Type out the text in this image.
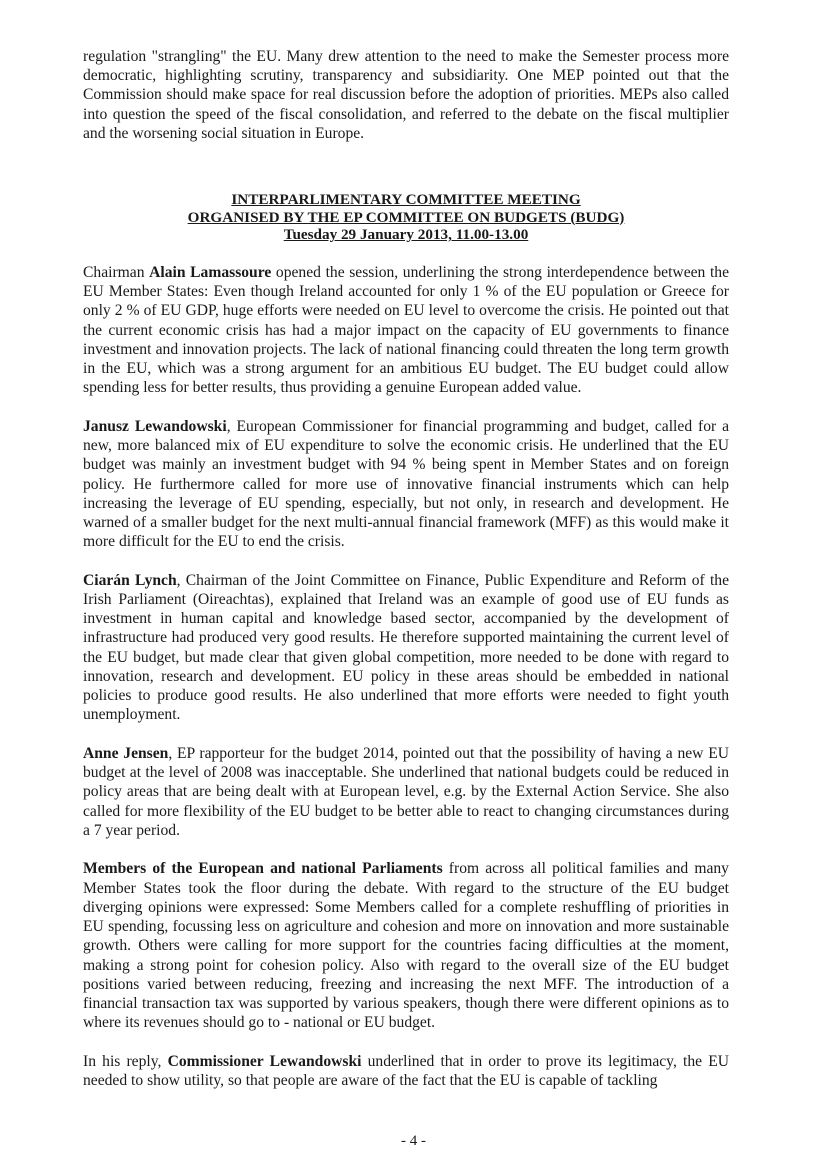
regulation "strangling" the EU. Many drew attention to the need to make the Semester process more democratic, highlighting scrutiny, transparency and subsidiarity. One MEP pointed out that the Commission should make space for real discussion before the adoption of priorities. MEPs also called into question the speed of the fiscal consolidation, and referred to the debate on the fiscal multiplier and the worsening social situation in Europe.

INTERPARLIMENTARY COMMITTEE MEETING
ORGANISED BY THE EP COMMITTEE ON BUDGETS (BUDG)
Tuesday 29 January 2013, 11.00-13.00

Chairman Alain Lamassoure opened the session, underlining the strong interdependence between the EU Member States: Even though Ireland accounted for only 1 % of the EU population or Greece for only 2 % of EU GDP, huge efforts were needed on EU level to overcome the crisis. He pointed out that the current economic crisis has had a major impact on the capacity of EU governments to finance investment and innovation projects. The lack of national financing could threaten the long term growth in the EU, which was a strong argument for an ambitious EU budget. The EU budget could allow spending less for better results, thus providing a genuine European added value.

Janusz Lewandowski, European Commissioner for financial programming and budget, called for a new, more balanced mix of EU expenditure to solve the economic crisis. He underlined that the EU budget was mainly an investment budget with 94 % being spent in Member States and on foreign policy. He furthermore called for more use of innovative financial instruments which can help increasing the leverage of EU spending, especially, but not only, in research and development. He warned of a smaller budget for the next multi-annual financial framework (MFF) as this would make it more difficult for the EU to end the crisis.

Ciarán Lynch, Chairman of the Joint Committee on Finance, Public Expenditure and Reform of the Irish Parliament (Oireachtas), explained that Ireland was an example of good use of EU funds as investment in human capital and knowledge based sector, accompanied by the development of infrastructure had produced very good results. He therefore supported maintaining the current level of the EU budget, but made clear that given global competition, more needed to be done with regard to innovation, research and development. EU policy in these areas should be embedded in national policies to produce good results. He also underlined that more efforts were needed to fight youth unemployment.

Anne Jensen, EP rapporteur for the budget 2014, pointed out that the possibility of having a new EU budget at the level of 2008 was inacceptable. She underlined that national budgets could be reduced in policy areas that are being dealt with at European level, e.g. by the External Action Service. She also called for more flexibility of the EU budget to be better able to react to changing circumstances during a 7 year period.

Members of the European and national Parliaments from across all political families and many Member States took the floor during the debate. With regard to the structure of the EU budget diverging opinions were expressed: Some Members called for a complete reshuffling of priorities in EU spending, focussing less on agriculture and cohesion and more on innovation and more sustainable growth. Others were calling for more support for the countries facing difficulties at the moment, making a strong point for cohesion policy. Also with regard to the overall size of the EU budget positions varied between reducing, freezing and increasing the next MFF. The introduction of a financial transaction tax was supported by various speakers, though there were different opinions as to where its revenues should go to - national or EU budget.

In his reply, Commissioner Lewandowski underlined that in order to prove its legitimacy, the EU needed to show utility, so that people are aware of the fact that the EU is capable of tackling

- 4 -
